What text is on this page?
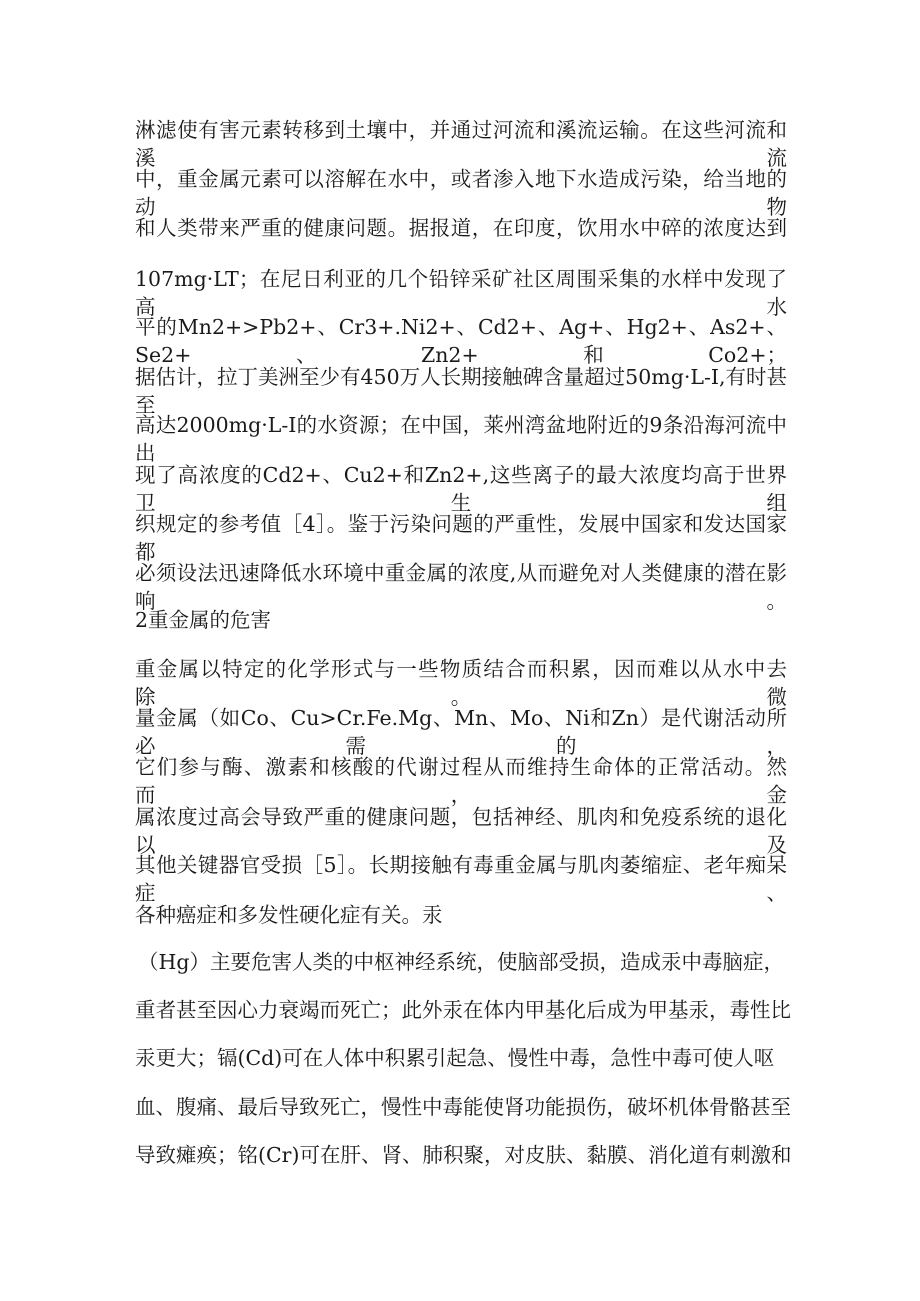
淋滤使有害元素转移到土壤中，并通过河流和溪流运输。在这些河流和溪流
中，重金属元素可以溶解在水中，或者渗入地下水造成污染，给当地的动物
和人类带来严重的健康问题。据报道，在印度，饮用水中碎的浓度达到
107mg·LT；在尼日利亚的几个铅锌采矿社区周围采集的水样中发现了高水
平的Mn2+>Pb2+、Cr3+.Ni2+、Cd2+、Ag+、Hg2+、As2+、Se2+、Zn2+和Co2+；
据估计，拉丁美洲至少有450万人长期接触碑含量超过50mg·L-I,有时甚至
高达2000mg·L-I的水资源；在中国，莱州湾盆地附近的9条沿海河流中出
现了高浓度的Cd2+、Cu2+和Zn2+,这些离子的最大浓度均高于世界卫生组
织规定的参考值［4］。鉴于污染问题的严重性，发展中国家和发达国家都
必须设法迅速降低水环境中重金属的浓度,从而避免对人类健康的潜在影响。
2重金属的危害
重金属以特定的化学形式与一些物质结合而积累，因而难以从水中去除。微
量金属（如Co、Cu>Cr.Fe.Mg、Mn、Mo、Ni和Zn）是代谢活动所必需的，
它们参与酶、激素和核酸的代谢过程从而维持生命体的正常活动。然而，金
属浓度过高会导致严重的健康问题，包括神经、肌肉和免疫系统的退化以及
其他关键器官受损［5］。长期接触有毒重金属与肌肉萎缩症、老年痴呆症、
各种癌症和多发性硬化症有关。汞
（Hg）主要危害人类的中枢神经系统，使脑部受损，造成汞中毒脑症，
重者甚至因心力衰竭而死亡；此外汞在体内甲基化后成为甲基汞，毒性比
汞更大；镉(Cd)可在人体中积累引起急、慢性中毒，急性中毒可使人呕
血、腹痛、最后导致死亡，慢性中毒能使肾功能损伤，破坏机体骨骼甚至
导致瘫痪；铭(Cr)可在肝、肾、肺积聚，对皮肤、黏膜、消化道有刺激和
